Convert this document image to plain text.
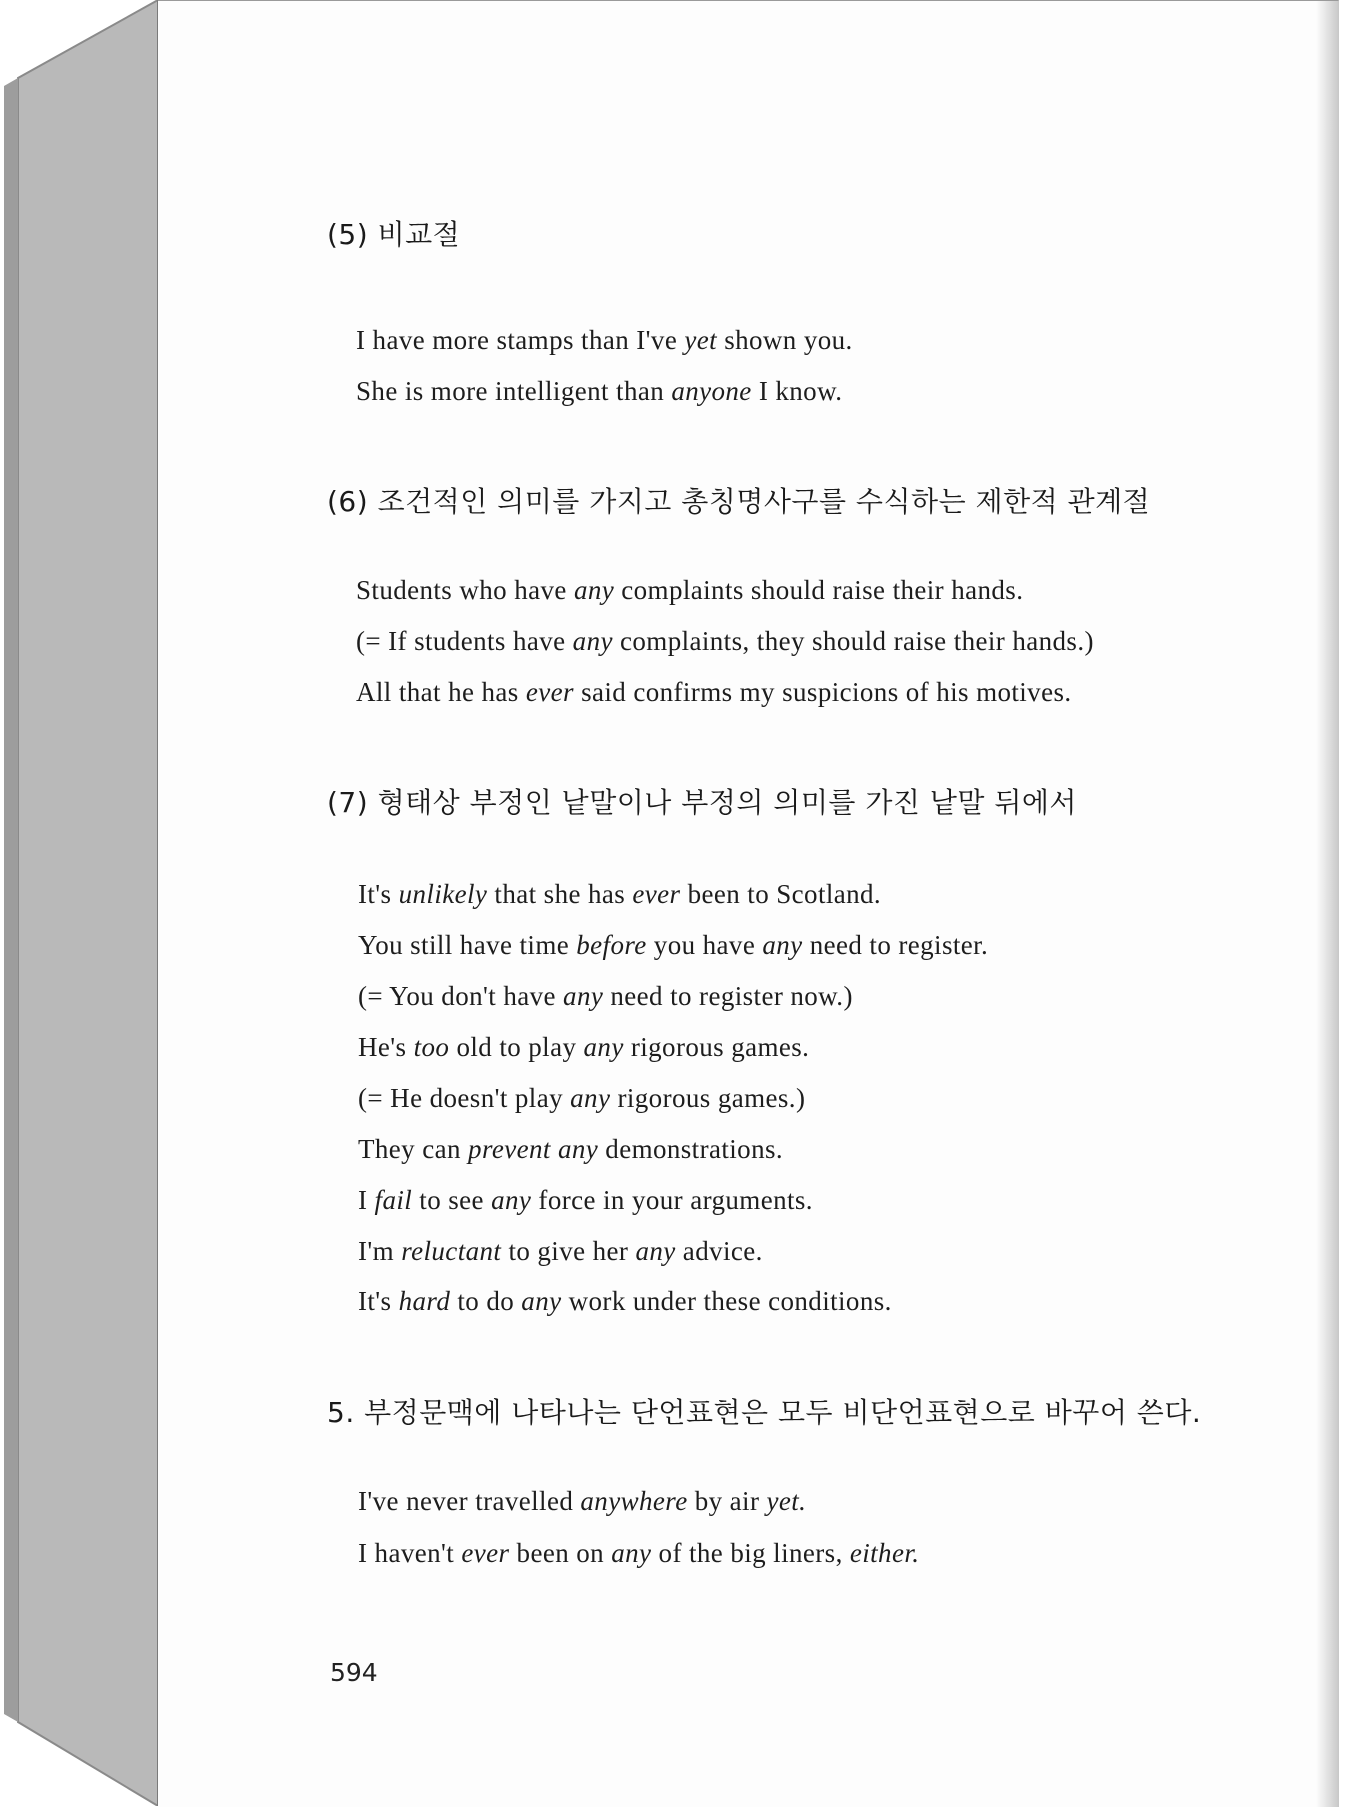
(5) 비교절
I have more stamps than I've yet shown you.
She is more intelligent than anyone I know.
(6) 조건적인 의미를 가지고 총칭명사구를 수식하는 제한적 관계절
Students who have any complaints should raise their hands.
(= If students have any complaints, they should raise their hands.)
All that he has ever said confirms my suspicions of his motives.
(7) 형태상 부정인 낱말이나 부정의 의미를 가진 낱말 뒤에서
It's unlikely that she has ever been to Scotland.
You still have time before you have any need to register.
(= You don't have any need to register now.)
He's too old to play any rigorous games.
(= He doesn't play any rigorous games.)
They can prevent any demonstrations.
I fail to see any force in your arguments.
I'm reluctant to give her any advice.
It's hard to do any work under these conditions.
5. 부정문맥에 나타나는 단언표현은 모두 비단언표현으로 바꾸어 쓴다.
I've never travelled anywhere by air yet.
I haven't ever been on any of the big liners, either.
594
